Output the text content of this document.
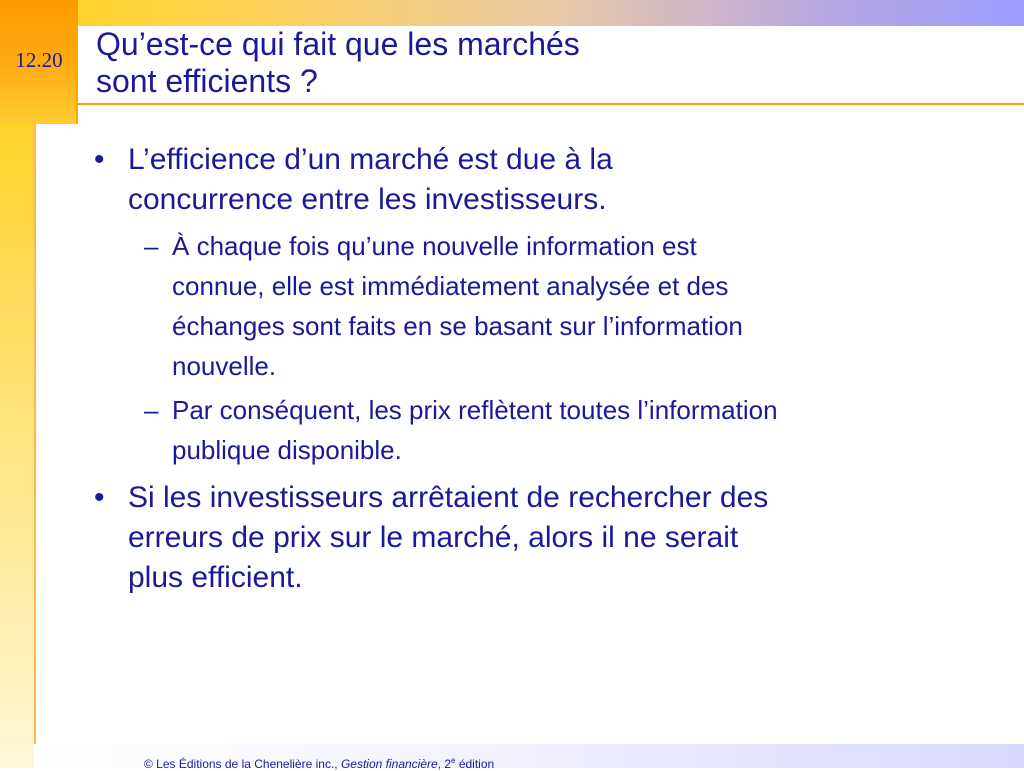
12.20 Qu’est-ce qui fait que les marchés
sont efficients ?
• L’efficience d’un marché est due à la
concurrence entre les investisseurs.
– À chaque fois qu’une nouvelle information est
connue, elle est immédiatement analysée et des
échanges sont faits en se basant sur l’information
nouvelle.
– Par conséquent, les prix reflètent toutes l’information
publique disponible.
• Si les investisseurs arrêtaient de rechercher des
erreurs de prix sur le marché, alors il ne serait
plus efficient.
© Les Éditions de la Chenelière inc., Gestion financière, 2e édition
